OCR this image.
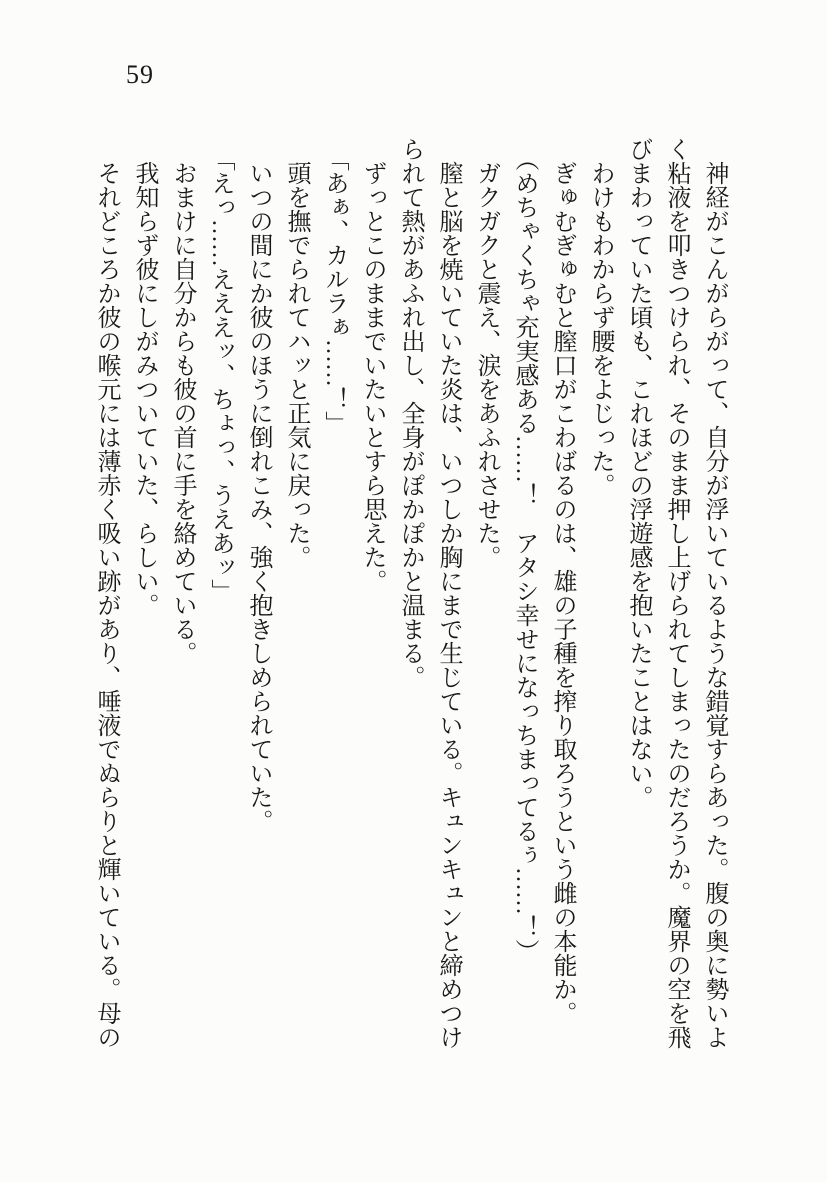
59

神経がこんがらがって、自分が浮いているような錯覚すらあった。腹の奥に勢いよく粘液を叩きつけられ、そのまま押し上げられてしまったのだろうか。魔界の空を飛びまわっていた頃も、これほどの浮遊感を抱いたことはない。

わけもわからず腰をよじった。

ぎゅむぎゅむと膣口がこわばるのは、雄の子種を搾り取ろうという雌の本能か。

（めちゃくちゃ充実感ある……！　アタシ幸せになっちまってるぅ……！）

ガクガクと震え、涙をあふれさせた。

膣と脳を焼いていた炎は、いつしか胸にまで生じている。キュンキュンと締めつけられて熱があふれ出し、全身がぽかぽかと温まる。

ずっとこのままでいたいとすら思えた。

「あぁ、カルラぁ……！」

頭を撫でられてハッと正気に戻った。

いつの間にか彼のほうに倒れこみ、強く抱きしめられていた。

「えっ……えええッ、ちょっ、うえあッ」

おまけに自分からも彼の首に手を絡めている。

我知らず彼にしがみついていた、らしい。

それどころか彼の喉元には薄赤く吸い跡があり、唾液でぬらりと輝いている。母の
